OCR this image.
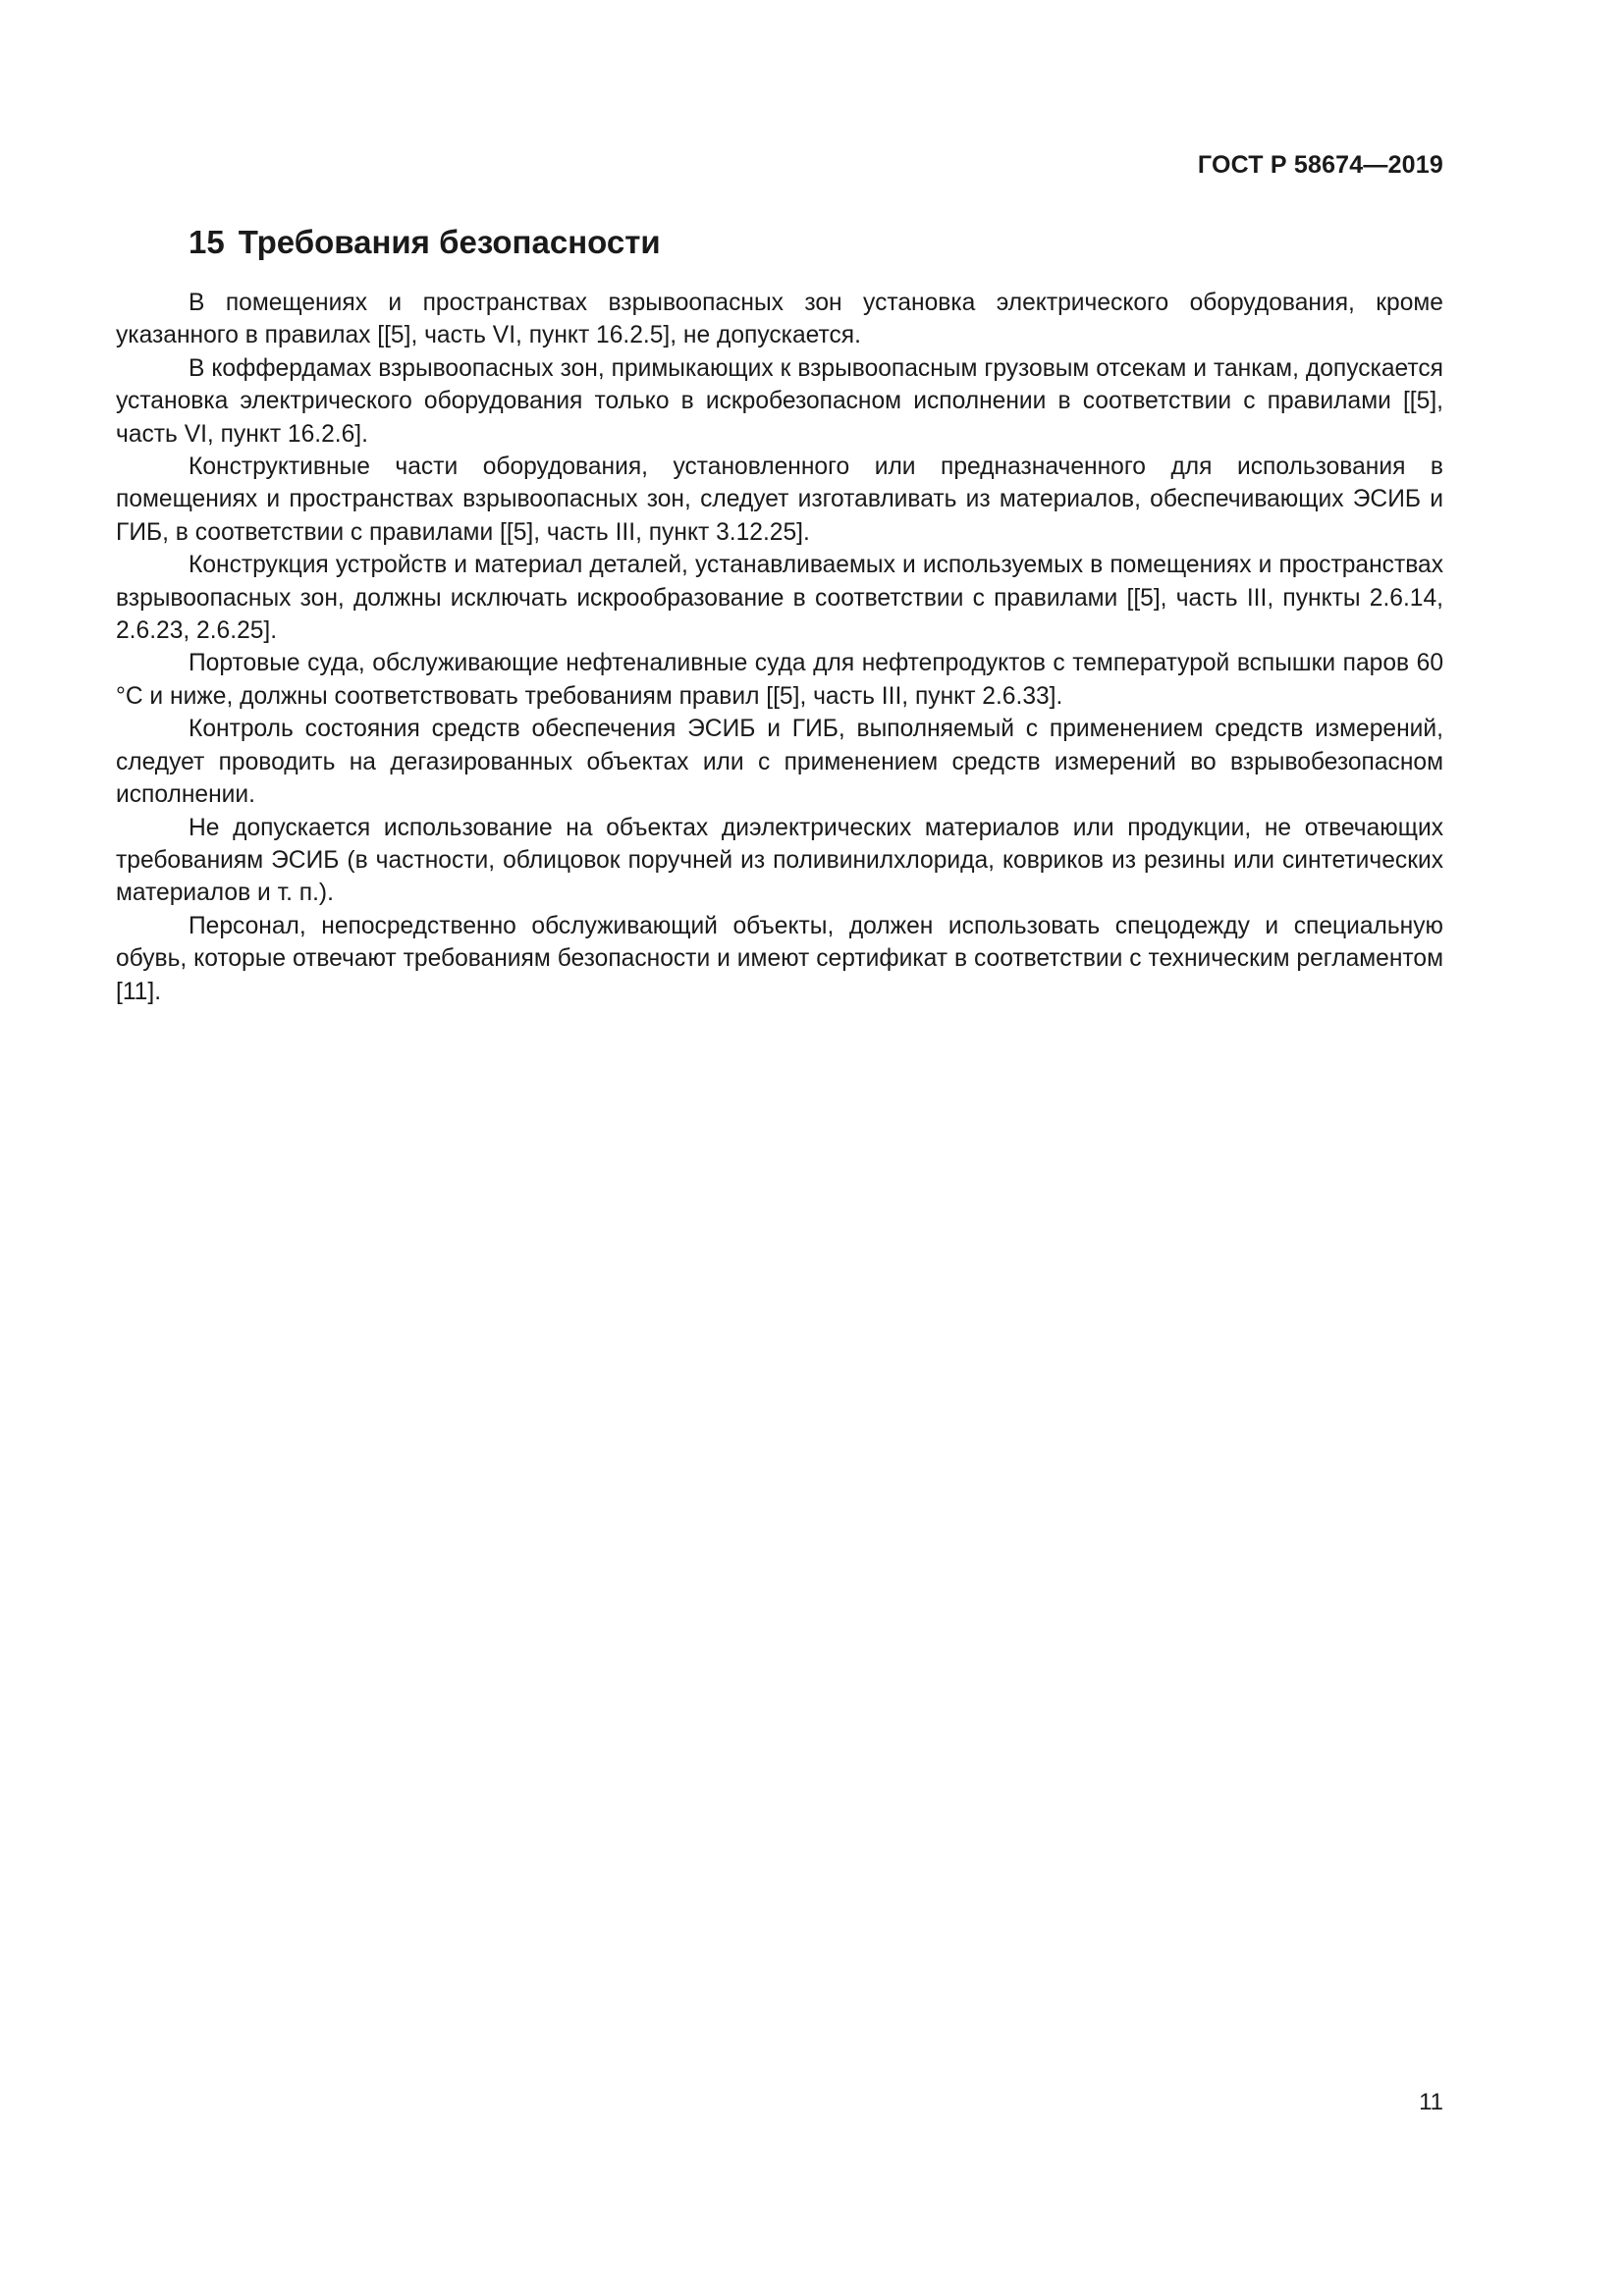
ГОСТ Р 58674—2019
15 Требования безопасности

В помещениях и пространствах взрывоопасных зон установка электрического оборудования, кроме указанного в правилах [[5], часть VI, пункт 16.2.5], не допускается.

В коффердамах взрывоопасных зон, примыкающих к взрывоопасным грузовым отсекам и танкам, допускается установка электрического оборудования только в искробезопасном исполнении в соответствии с правилами [[5], часть VI, пункт 16.2.6].

Конструктивные части оборудования, установленного или предназначенного для использования в помещениях и пространствах взрывоопасных зон, следует изготавливать из материалов, обеспечивающих ЭСИБ и ГИБ, в соответствии с правилами [[5], часть III, пункт 3.12.25].

Конструкция устройств и материал деталей, устанавливаемых и используемых в помещениях и пространствах взрывоопасных зон, должны исключать искрообразование в соответствии с правилами [[5], часть III, пункты 2.6.14, 2.6.23, 2.6.25].

Портовые суда, обслуживающие нефтеналивные суда для нефтепродуктов с температурой вспышки паров 60 °С и ниже, должны соответствовать требованиям правил [[5], часть III, пункт 2.6.33].

Контроль состояния средств обеспечения ЭСИБ и ГИБ, выполняемый с применением средств измерений, следует проводить на дегазированных объектах или с применением средств измерений во взрывобезопасном исполнении.

Не допускается использование на объектах диэлектрических материалов или продукции, не отвечающих требованиям ЭСИБ (в частности, облицовок поручней из поливинилхлорида, ковриков из резины или синтетических материалов и т. п.).

Персонал, непосредственно обслуживающий объекты, должен использовать спецодежду и специальную обувь, которые отвечают требованиям безопасности и имеют сертификат в соответствии с техническим регламентом [11].

11
